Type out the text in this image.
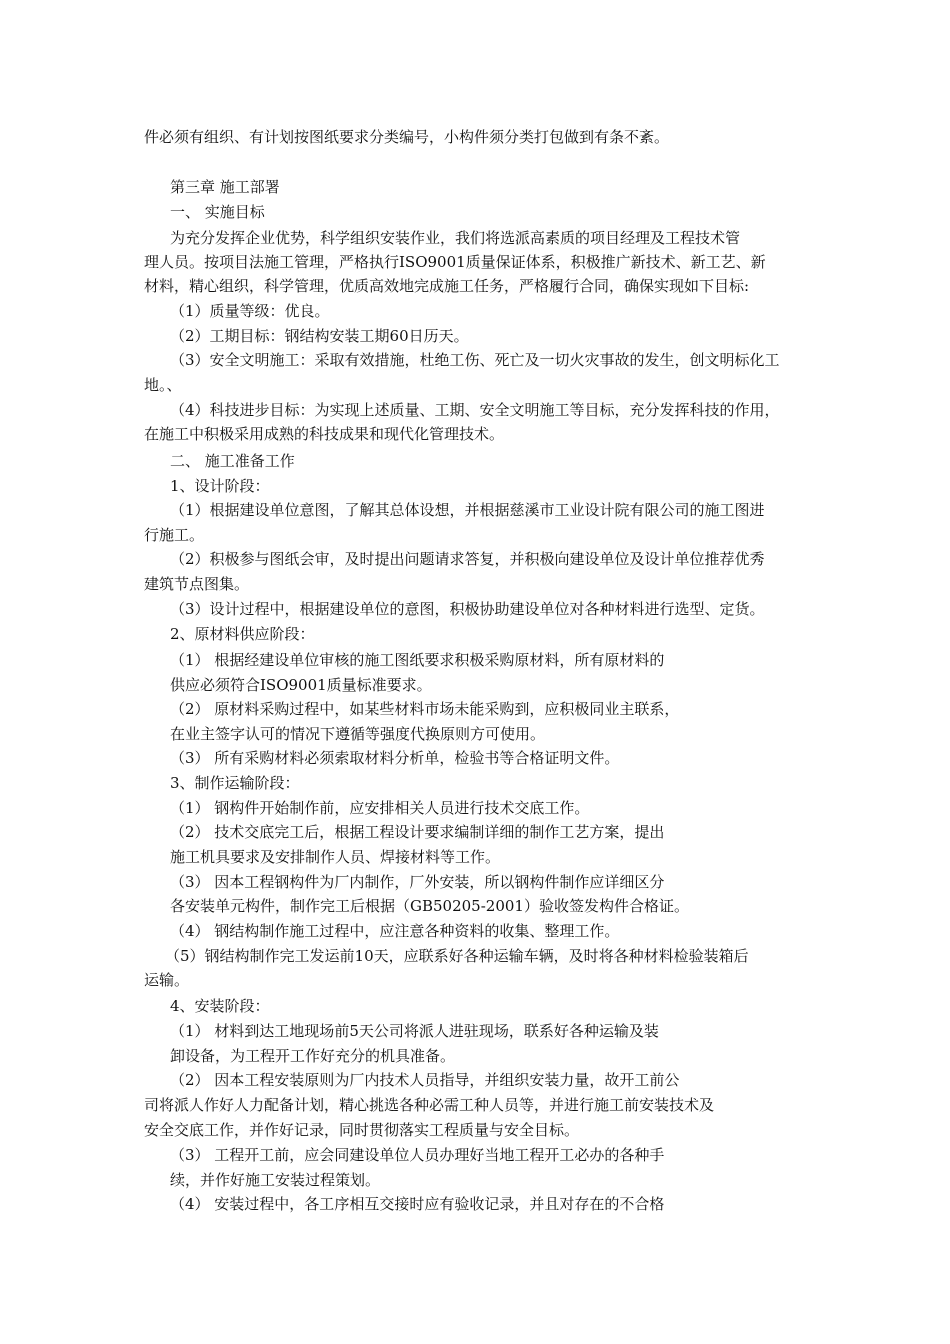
件必须有组织、有计划按图纸要求分类编号，小构件须分类打包做到有条不紊。
第三章 施工部署
一、 实施目标
为充分发挥企业优势，科学组织安装作业，我们将选派高素质的项目经理及工程技术管
理人员。按项目法施工管理，严格执行ISO9001质量保证体系，积极推广新技术、新工艺、新
材料，精心组织，科学管理，优质高效地完成施工任务，严格履行合同，确保实现如下目标:
（1）质量等级：优良。
（2）工期目标：钢结构安装工期60日历天。
（3）安全文明施工：采取有效措施，杜绝工伤、死亡及一切火灾事故的发生，创文明标化工
地。、
（4）科技进步目标：为实现上述质量、工期、安全文明施工等目标，充分发挥科技的作用，
在施工中积极采用成熟的科技成果和现代化管理技术。
二、 施工准备工作
1、设计阶段：
（1）根据建设单位意图，了解其总体设想，并根据慈溪市工业设计院有限公司的施工图进
行施工。
（2）积极参与图纸会审，及时提出问题请求答复，并积极向建设单位及设计单位推荐优秀
建筑节点图集。
（3）设计过程中，根据建设单位的意图，积极协助建设单位对各种材料进行选型、定货。
2、原材料供应阶段：
（1） 根据经建设单位审核的施工图纸要求积极采购原材料，所有原材料的
供应必须符合ISO9001质量标准要求。
（2） 原材料采购过程中，如某些材料市场未能采购到，应积极同业主联系，
在业主签字认可的情况下遵循等强度代换原则方可使用。
（3） 所有采购材料必须索取材料分析单，检验书等合格证明文件。
3、制作运输阶段：
（1） 钢构件开始制作前，应安排相关人员进行技术交底工作。
（2） 技术交底完工后，根据工程设计要求编制详细的制作工艺方案，提出
施工机具要求及安排制作人员、焊接材料等工作。
（3） 因本工程钢构件为厂内制作，厂外安装，所以钢构件制作应详细区分
各安装单元构件，制作完工后根据（GB50205-2001）验收签发构件合格证。
（4） 钢结构制作施工过程中，应注意各种资料的收集、整理工作。
（5）钢结构制作完工发运前10天，应联系好各种运输车辆，及时将各种材料检验装箱后
运输。
4、安装阶段：
（1） 材料到达工地现场前5天公司将派人进驻现场，联系好各种运输及装
卸设备，为工程开工作好充分的机具准备。
（2） 因本工程安装原则为厂内技术人员指导，并组织安装力量，故开工前公
司将派人作好人力配备计划，精心挑选各种必需工种人员等，并进行施工前安装技术及
安全交底工作，并作好记录，同时贯彻落实工程质量与安全目标。
（3） 工程开工前，应会同建设单位人员办理好当地工程开工必办的各种手
续，并作好施工安装过程策划。
（4） 安装过程中，各工序相互交接时应有验收记录，并且对存在的不合格
